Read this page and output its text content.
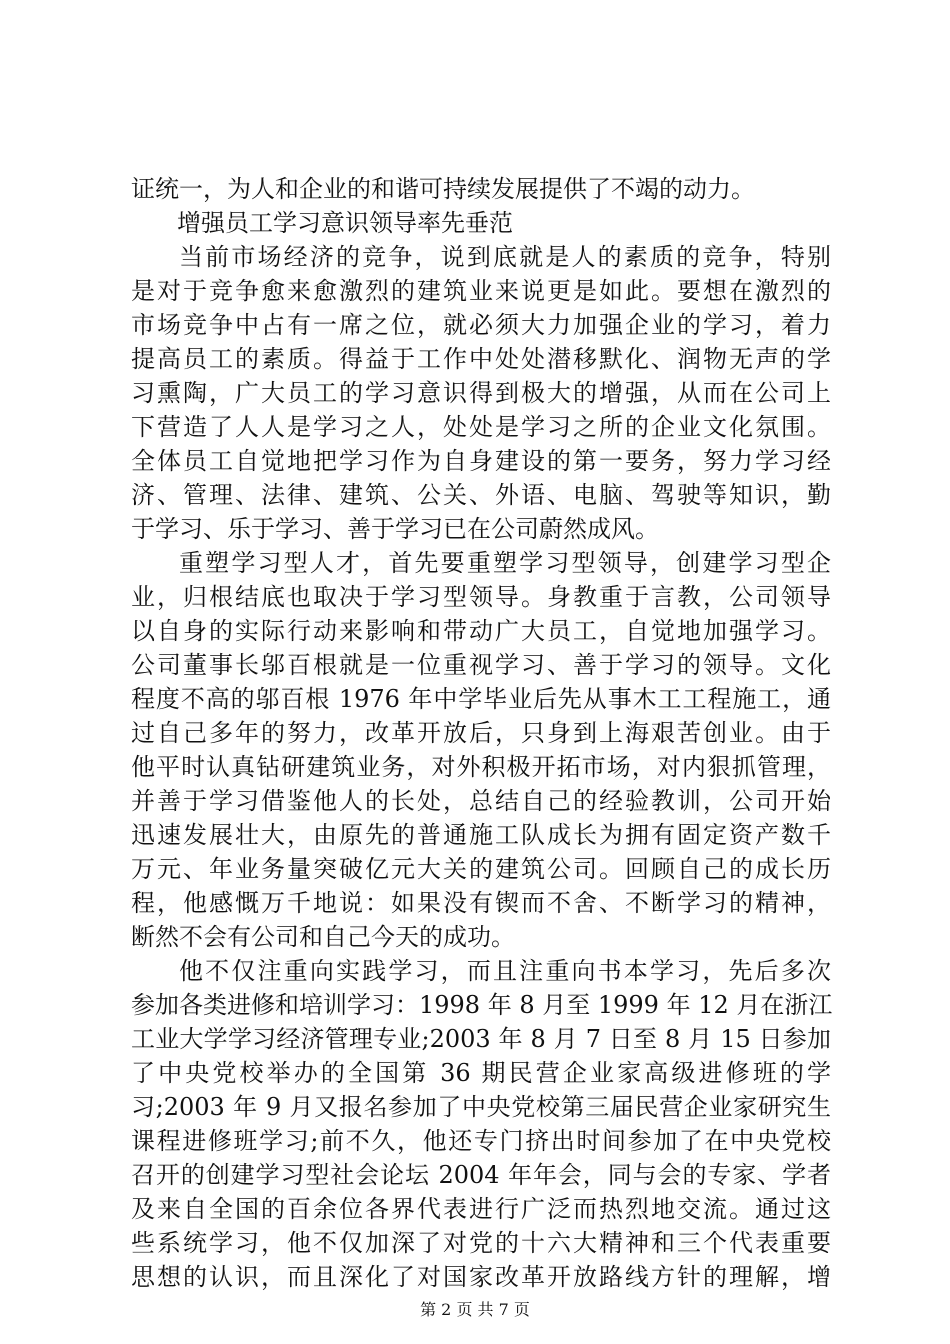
证统一，为人和企业的和谐可持续发展提供了不竭的动力。
增强员工学习意识领导率先垂范
当前市场经济的竞争，说到底就是人的素质的竞争，特别
是对于竞争愈来愈激烈的建筑业来说更是如此。要想在激烈的
市场竞争中占有一席之位，就必须大力加强企业的学习，着力
提高员工的素质。得益于工作中处处潜移默化、润物无声的学
习熏陶，广大员工的学习意识得到极大的增强，从而在公司上
下营造了人人是学习之人，处处是学习之所的企业文化氛围。
全体员工自觉地把学习作为自身建设的第一要务，努力学习经
济、管理、法律、建筑、公关、外语、电脑、驾驶等知识，勤
于学习、乐于学习、善于学习已在公司蔚然成风。
重塑学习型人才，首先要重塑学习型领导，创建学习型企
业，归根结底也取决于学习型领导。身教重于言教，公司领导
以自身的实际行动来影响和带动广大员工，自觉地加强学习。
公司董事长邬百根就是一位重视学习、善于学习的领导。文化
程度不高的邬百根 1976 年中学毕业后先从事木工工程施工，通
过自己多年的努力，改革开放后，只身到上海艰苦创业。由于
他平时认真钻研建筑业务，对外积极开拓市场，对内狠抓管理，
并善于学习借鉴他人的长处，总结自己的经验教训，公司开始
迅速发展壮大，由原先的普通施工队成长为拥有固定资产数千
万元、年业务量突破亿元大关的建筑公司。回顾自己的成长历
程，他感慨万千地说：如果没有锲而不舍、不断学习的精神，
断然不会有公司和自己今天的成功。
他不仅注重向实践学习，而且注重向书本学习，先后多次
参加各类进修和培训学习：1998 年 8 月至 1999 年 12 月在浙江
工业大学学习经济管理专业;2003 年 8 月 7 日至 8 月 15 日参加
了中央党校举办的全国第 36 期民营企业家高级进修班的学
习;2003 年 9 月又报名参加了中央党校第三届民营企业家研究生
课程进修班学习;前不久，他还专门挤出时间参加了在中央党校
召开的创建学习型社会论坛 2004 年年会，同与会的专家、学者
及来自全国的百余位各界代表进行广泛而热烈地交流。通过这
些系统学习，他不仅加深了对党的十六大精神和三个代表重要
思想的认识，而且深化了对国家改革开放路线方针的理解，增
第 2 页 共 7 页
